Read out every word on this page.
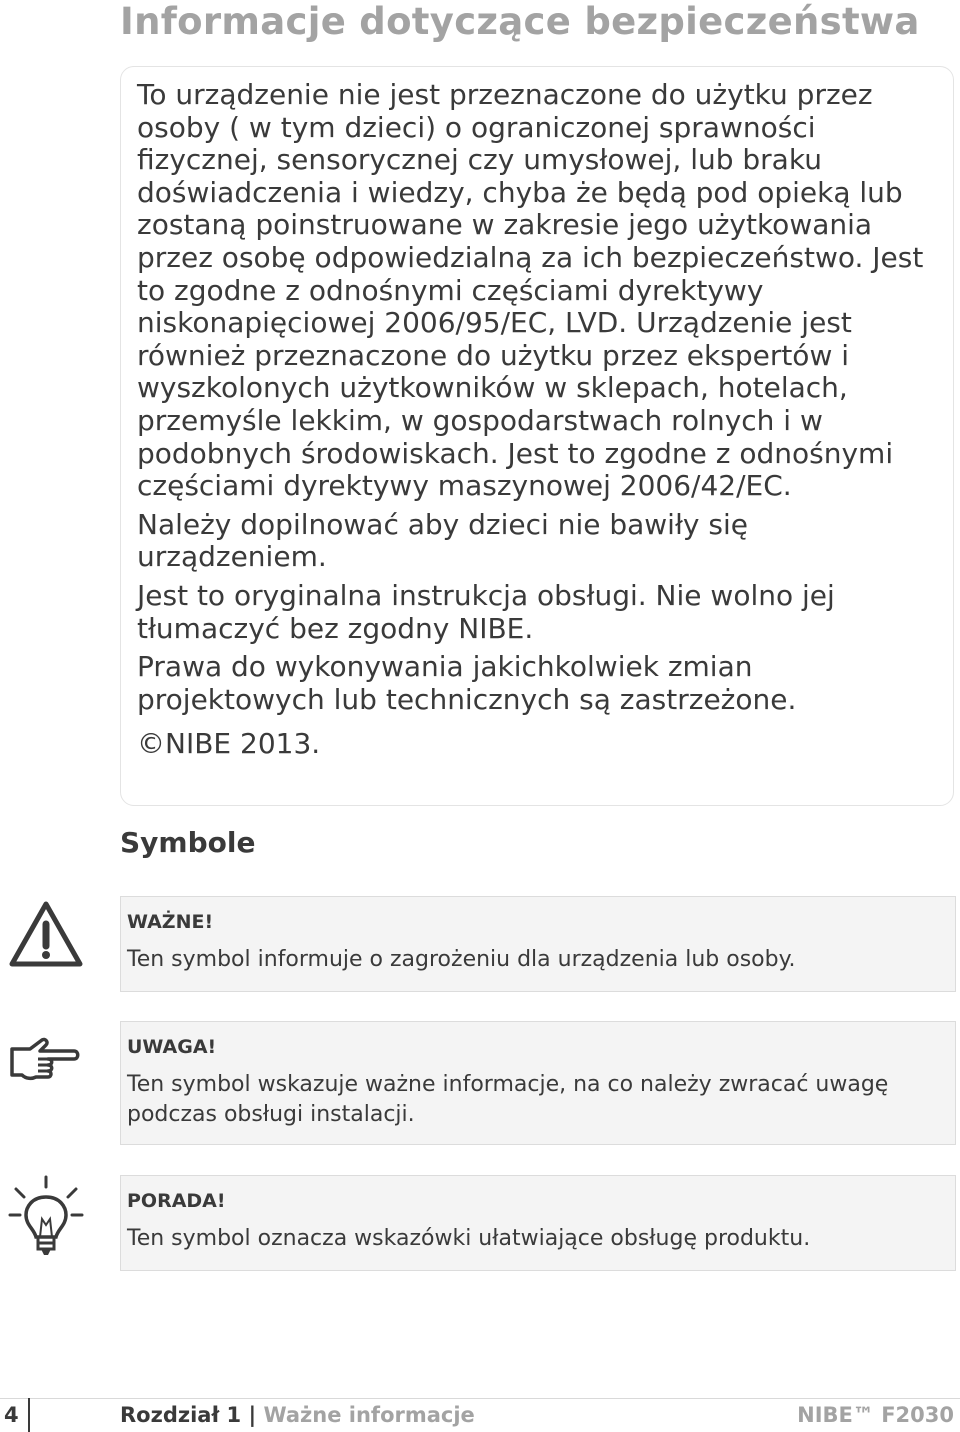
Informacje dotyczące bezpieczeństwa

To urządzenie nie jest przeznaczone do użytku przez osoby ( w tym dzieci) o ograniczonej sprawności fizycznej, sensorycznej czy umysłowej, lub braku doświadczenia i wiedzy, chyba że będą pod opieką lub zostaną poinstruowane w zakresie jego użytkowania przez osobę odpowiedzialną za ich bezpieczeństwo. Jest to zgodne z odnośnymi częściami dyrektywy niskonapięciowej 2006/95/EC, LVD. Urządzenie jest również przeznaczone do użytku przez ekspertów i wyszkolonych użytkowników w sklepach, hotelach, przemyśle lekkim, w gospodarstwach rolnych i w podobnych środowiskach. Jest to zgodne z odnośnymi częściami dyrektywy maszynowej 2006/42/EC.

Należy dopilnować aby dzieci nie bawiły się urządzeniem.

Jest to oryginalna instrukcja obsługi. Nie wolno jej tłumaczyć bez zgodny NIBE.

Prawa do wykonywania jakichkolwiek zmian projektowych lub technicznych są zastrzeżone.

©NIBE 2013.

Symbole
WAŻNE!
Ten symbol informuje o zagrożeniu dla urządzenia lub osoby.
UWAGA!
Ten symbol wskazuje ważne informacje, na co należy zwracać uwagę podczas obsługi instalacji.
PORADA!
Ten symbol oznacza wskazówki ułatwiające obsługę produktu.
4	Rozdział 1 | Ważne informacje	NIBE™ F2030
